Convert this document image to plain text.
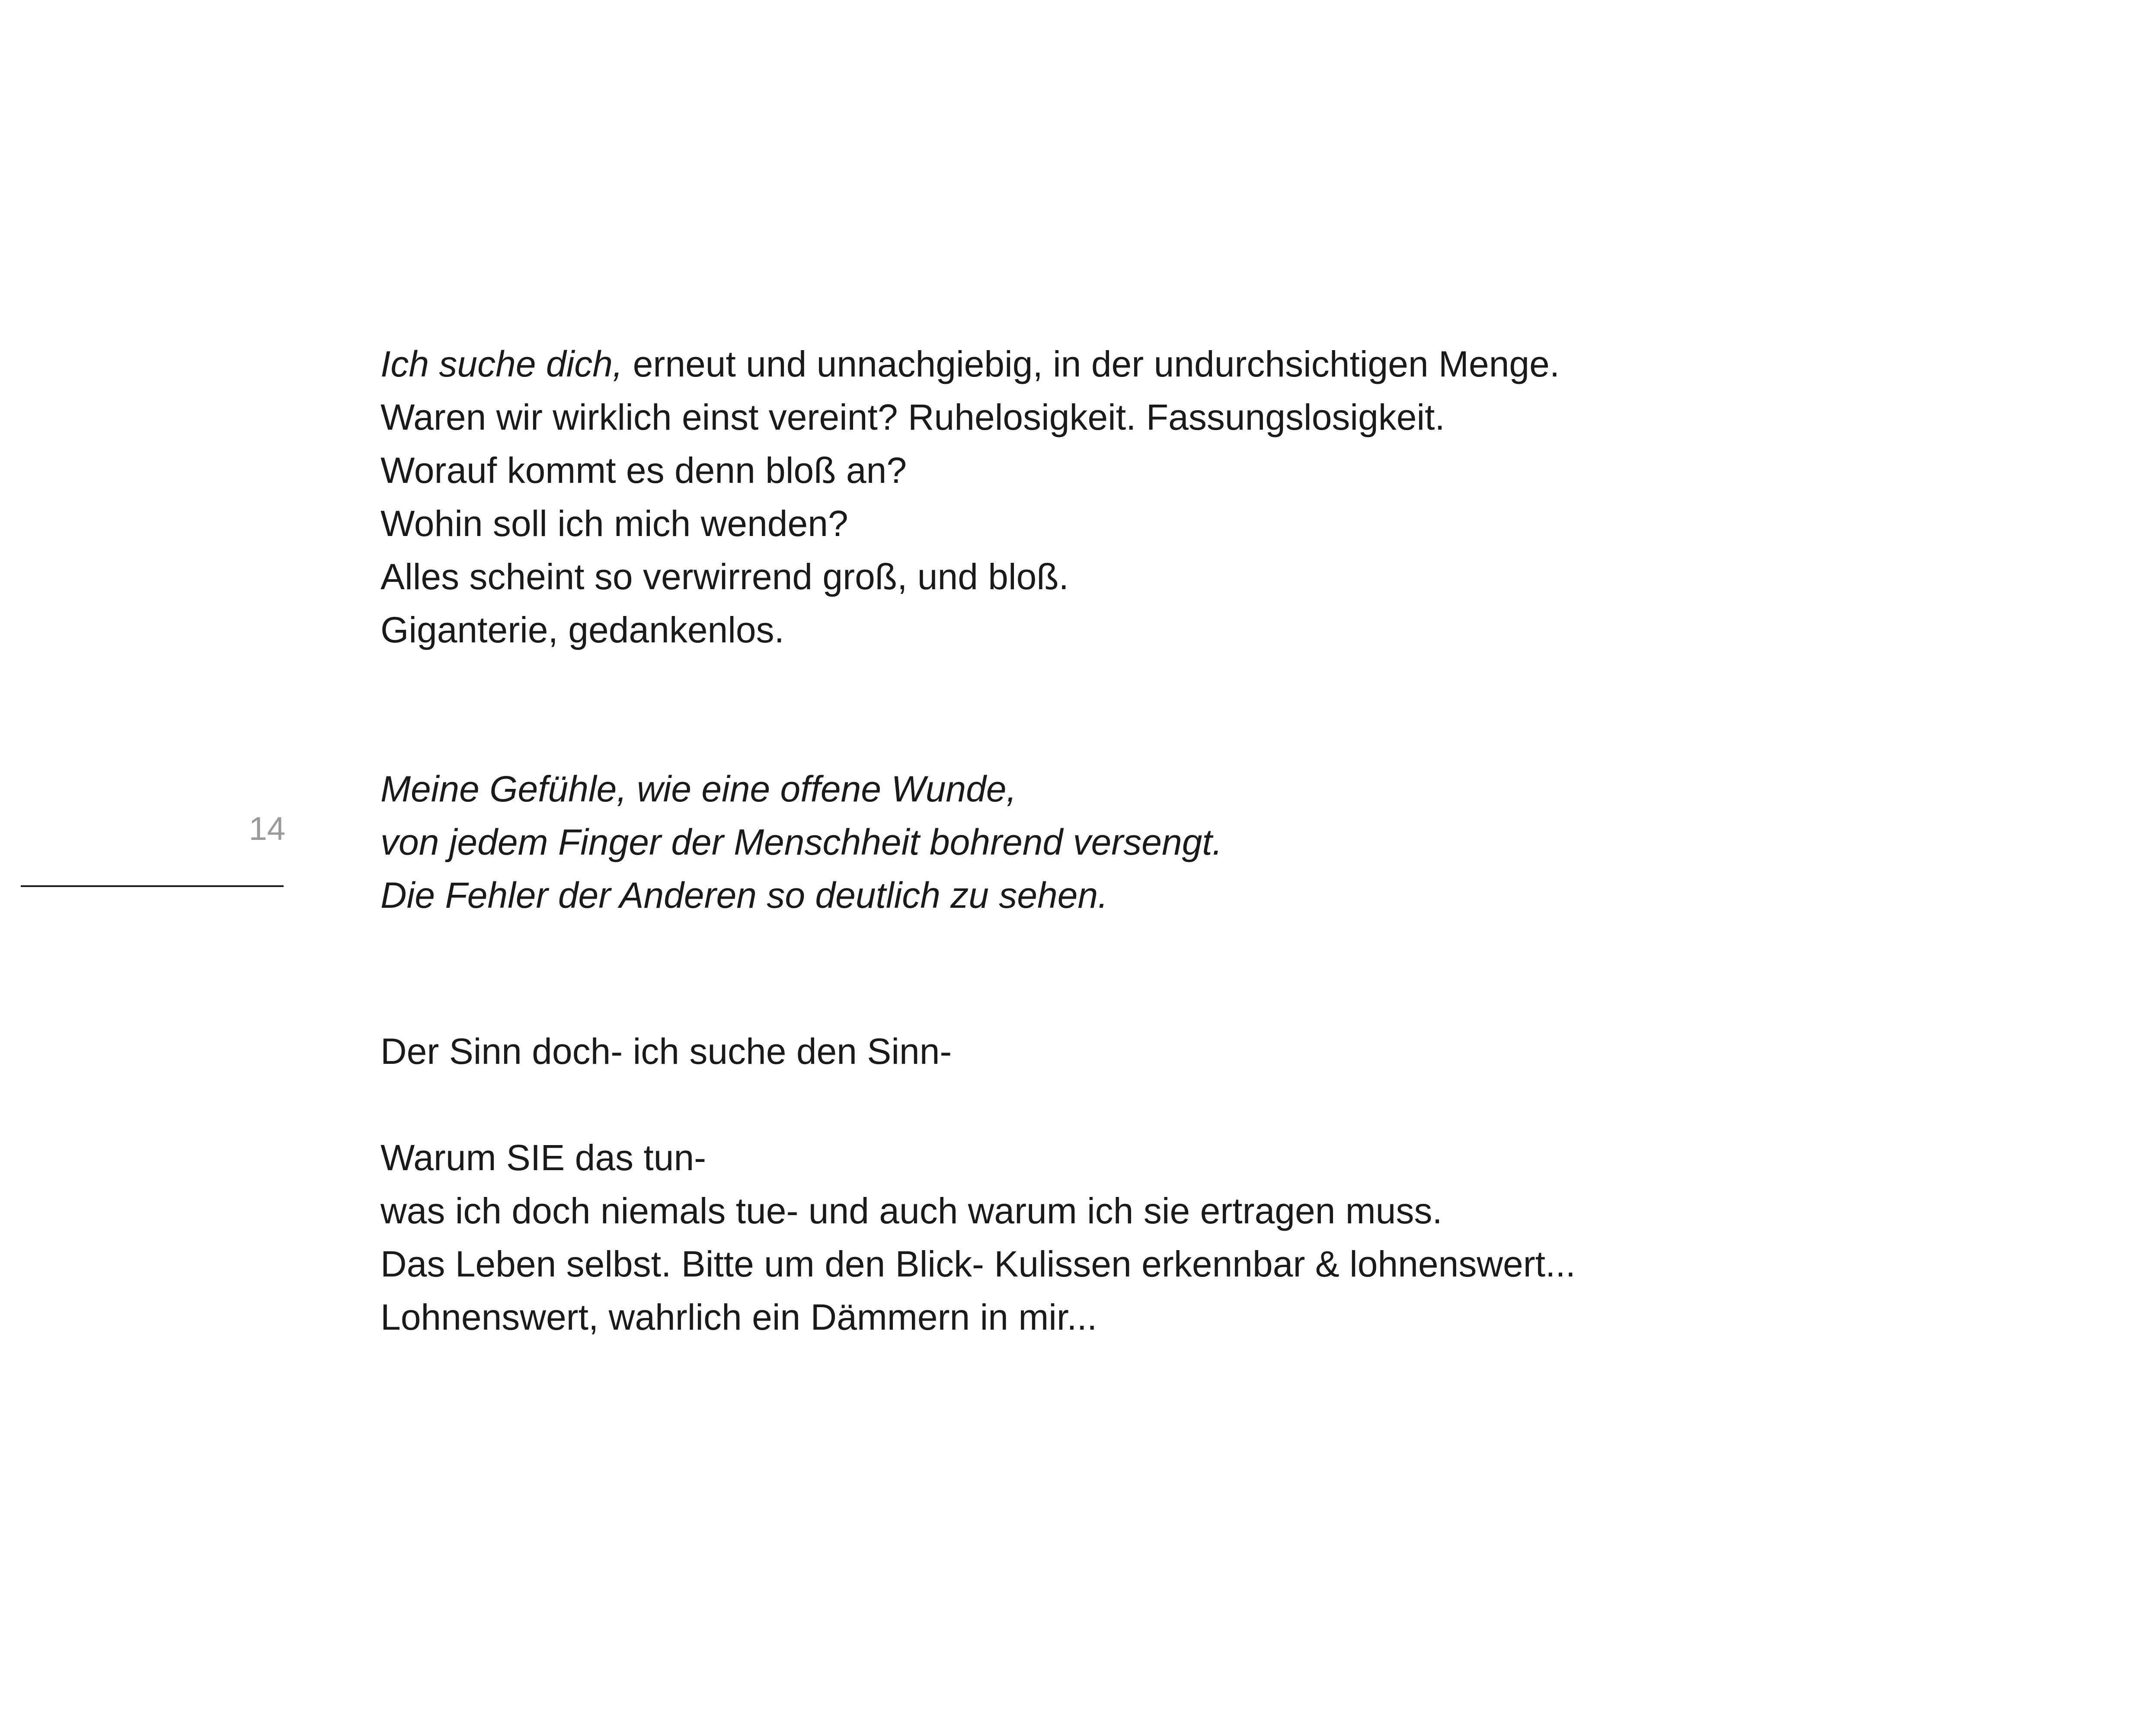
14
Ich suche dich, erneut und unnachgiebig, in der undurchsichtigen Menge.
Waren wir wirklich einst vereint? Ruhelosigkeit. Fassungslosigkeit.
Worauf kommt es denn bloß an?
Wohin soll ich mich wenden?
Alles scheint so verwirrend groß, und bloß.
Giganterie, gedankenlos.
Meine Gefühle, wie eine offene Wunde,
von jedem Finger der Menschheit bohrend versengt.
Die Fehler der Anderen so deutlich zu sehen.
Der Sinn doch- ich suche den Sinn-
Warum SIE das tun-
was ich doch niemals tue- und auch warum ich sie ertragen muss.
Das Leben selbst. Bitte um den Blick- Kulissen erkennbar & lohnenswert...
Lohnenswert, wahrlich ein Dämmern in mir...
